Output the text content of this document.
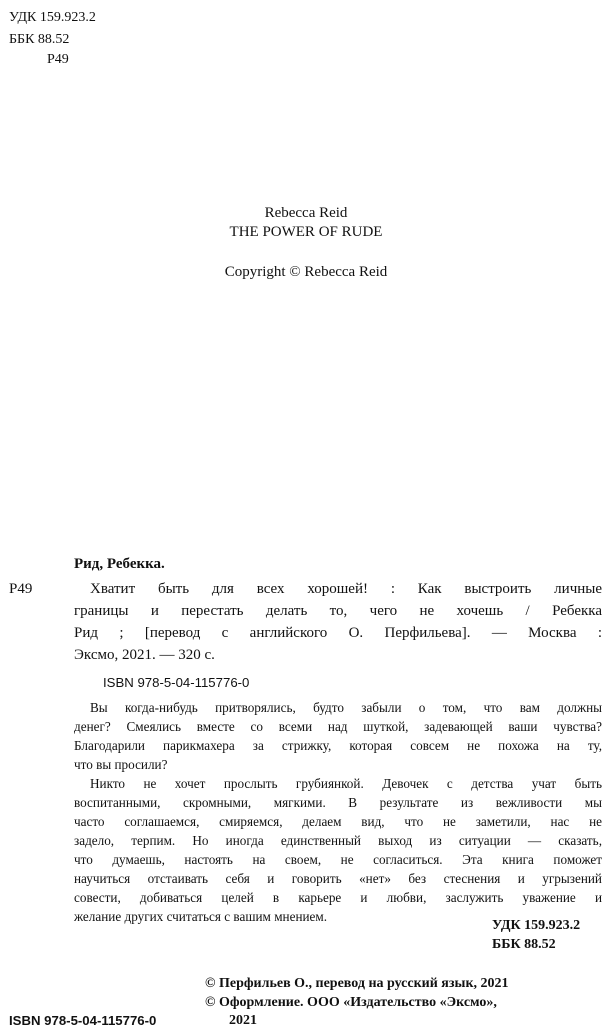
УДК 159.923.2
ББК 88.52
Р49
Rebecca Reid
THE POWER OF RUDE
Copyright © Rebecca Reid
Рид, Ребекка.
Р49	Хватит быть для всех хорошей! : Как выстроить личные
границы и перестать делать то, чего не хочешь / Ребекка
Рид ; [перевод с английского О. Перфильева]. — Москва :
Эксмо, 2021. — 320 с.
ISBN 978-5-04-115776-0
Вы когда-нибудь притворялись, будто забыли о том, что вам должны
денег? Смеялись вместе со всеми над шуткой, задевающей ваши чувства?
Благодарили парикмахера за стрижку, которая совсем не похожа на ту,
что вы просили?
Никто не хочет прослыть грубиянкой. Девочек с детства учат быть
воспитанными, скромными, мягкими. В результате из вежливости мы
часто соглашаемся, смиряемся, делаем вид, что не заметили, нас не
задело, терпим. Но иногда единственный выход из ситуации — сказать,
что думаешь, настоять на своем, не согласиться. Эта книга поможет
научиться отстаивать себя и говорить «нет» без стеснения и угрызений
совести, добиваться целей в карьере и любви, заслужить уважение и
желание других считаться с вашим мнением.
УДК 159.923.2
ББК 88.52
© Перфильев О., перевод на русский язык, 2021
© Оформление. ООО «Издательство «Эксмо»,
ISBN 978-5-04-115776-0	2021
